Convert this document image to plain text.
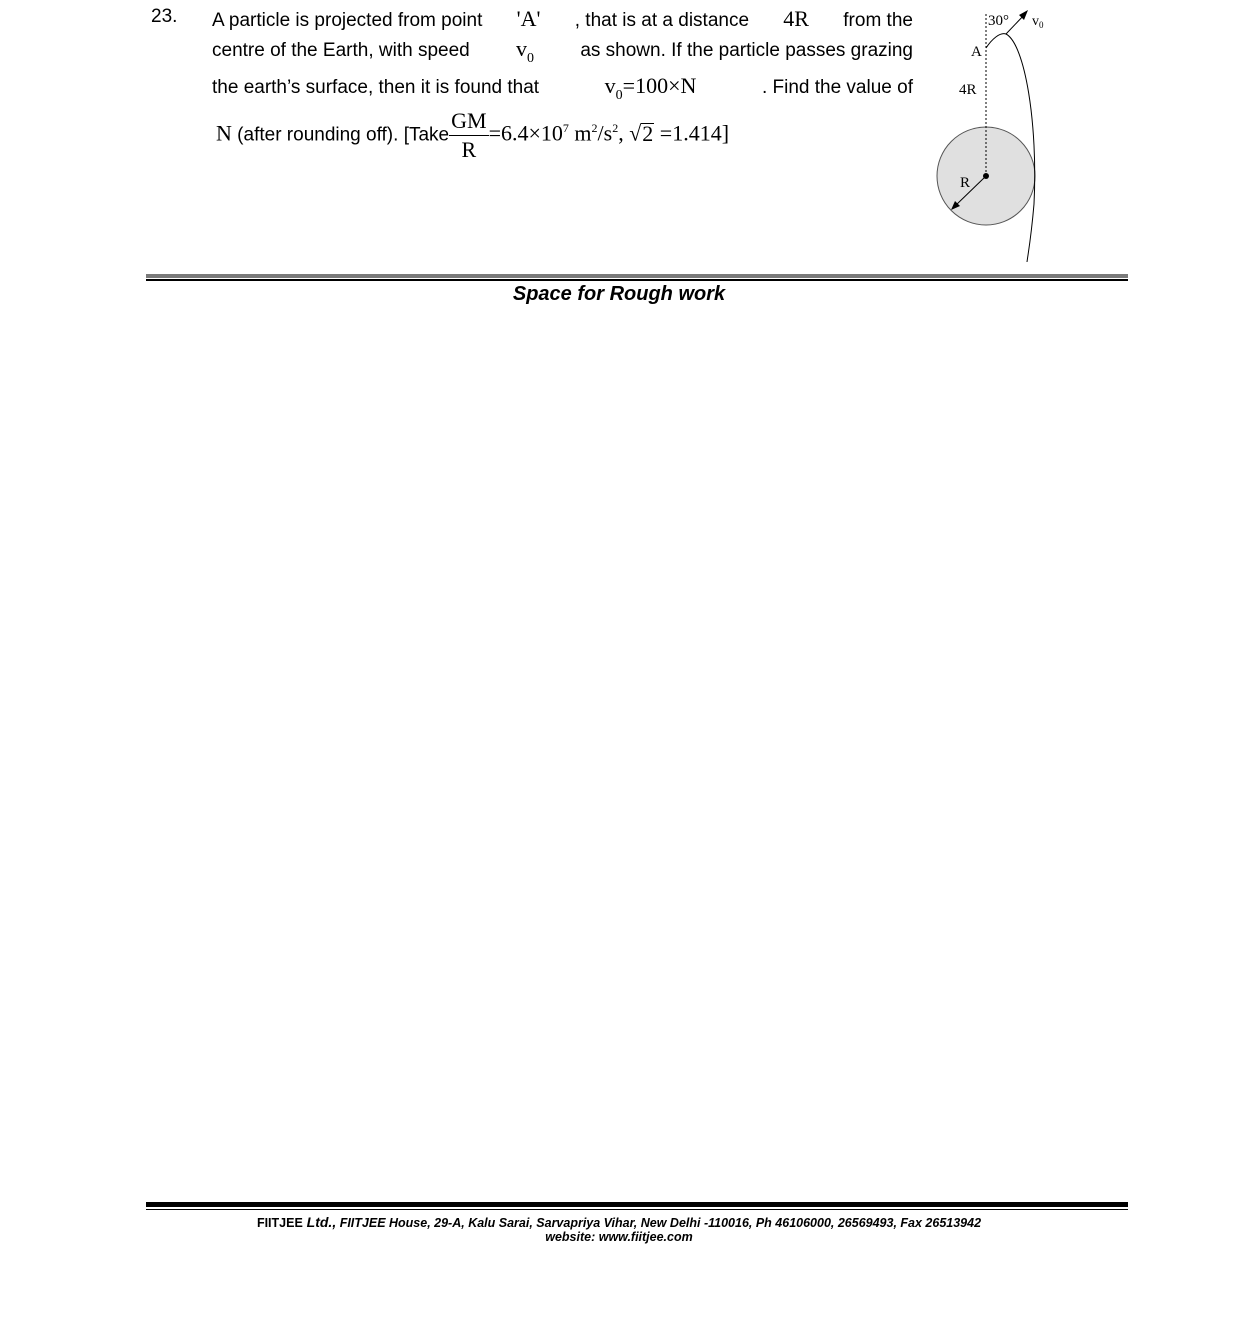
23. A particle is projected from point 'A' , that is at a distance 4R from the
centre of the Earth, with speed $v_0$ as shown. If the particle passes grazing
the earth’s surface, then it is found that	$v_0=100\times N$	. Find the value of
N (after rounding off). [Take $\frac{GM}{R} =6.4\times 10^7$ $m^2/s^2$, √2 =1.414]
30° $v_0$
A
4R
R
Space for Rough work
FIITJEE Ltd., FIITJEE House, 29-A, Kalu Sarai, Sarvapriya Vihar, New Delhi -110016, Ph 46106000, 26569493, Fax 26513942
website: www.fiitjee.com
